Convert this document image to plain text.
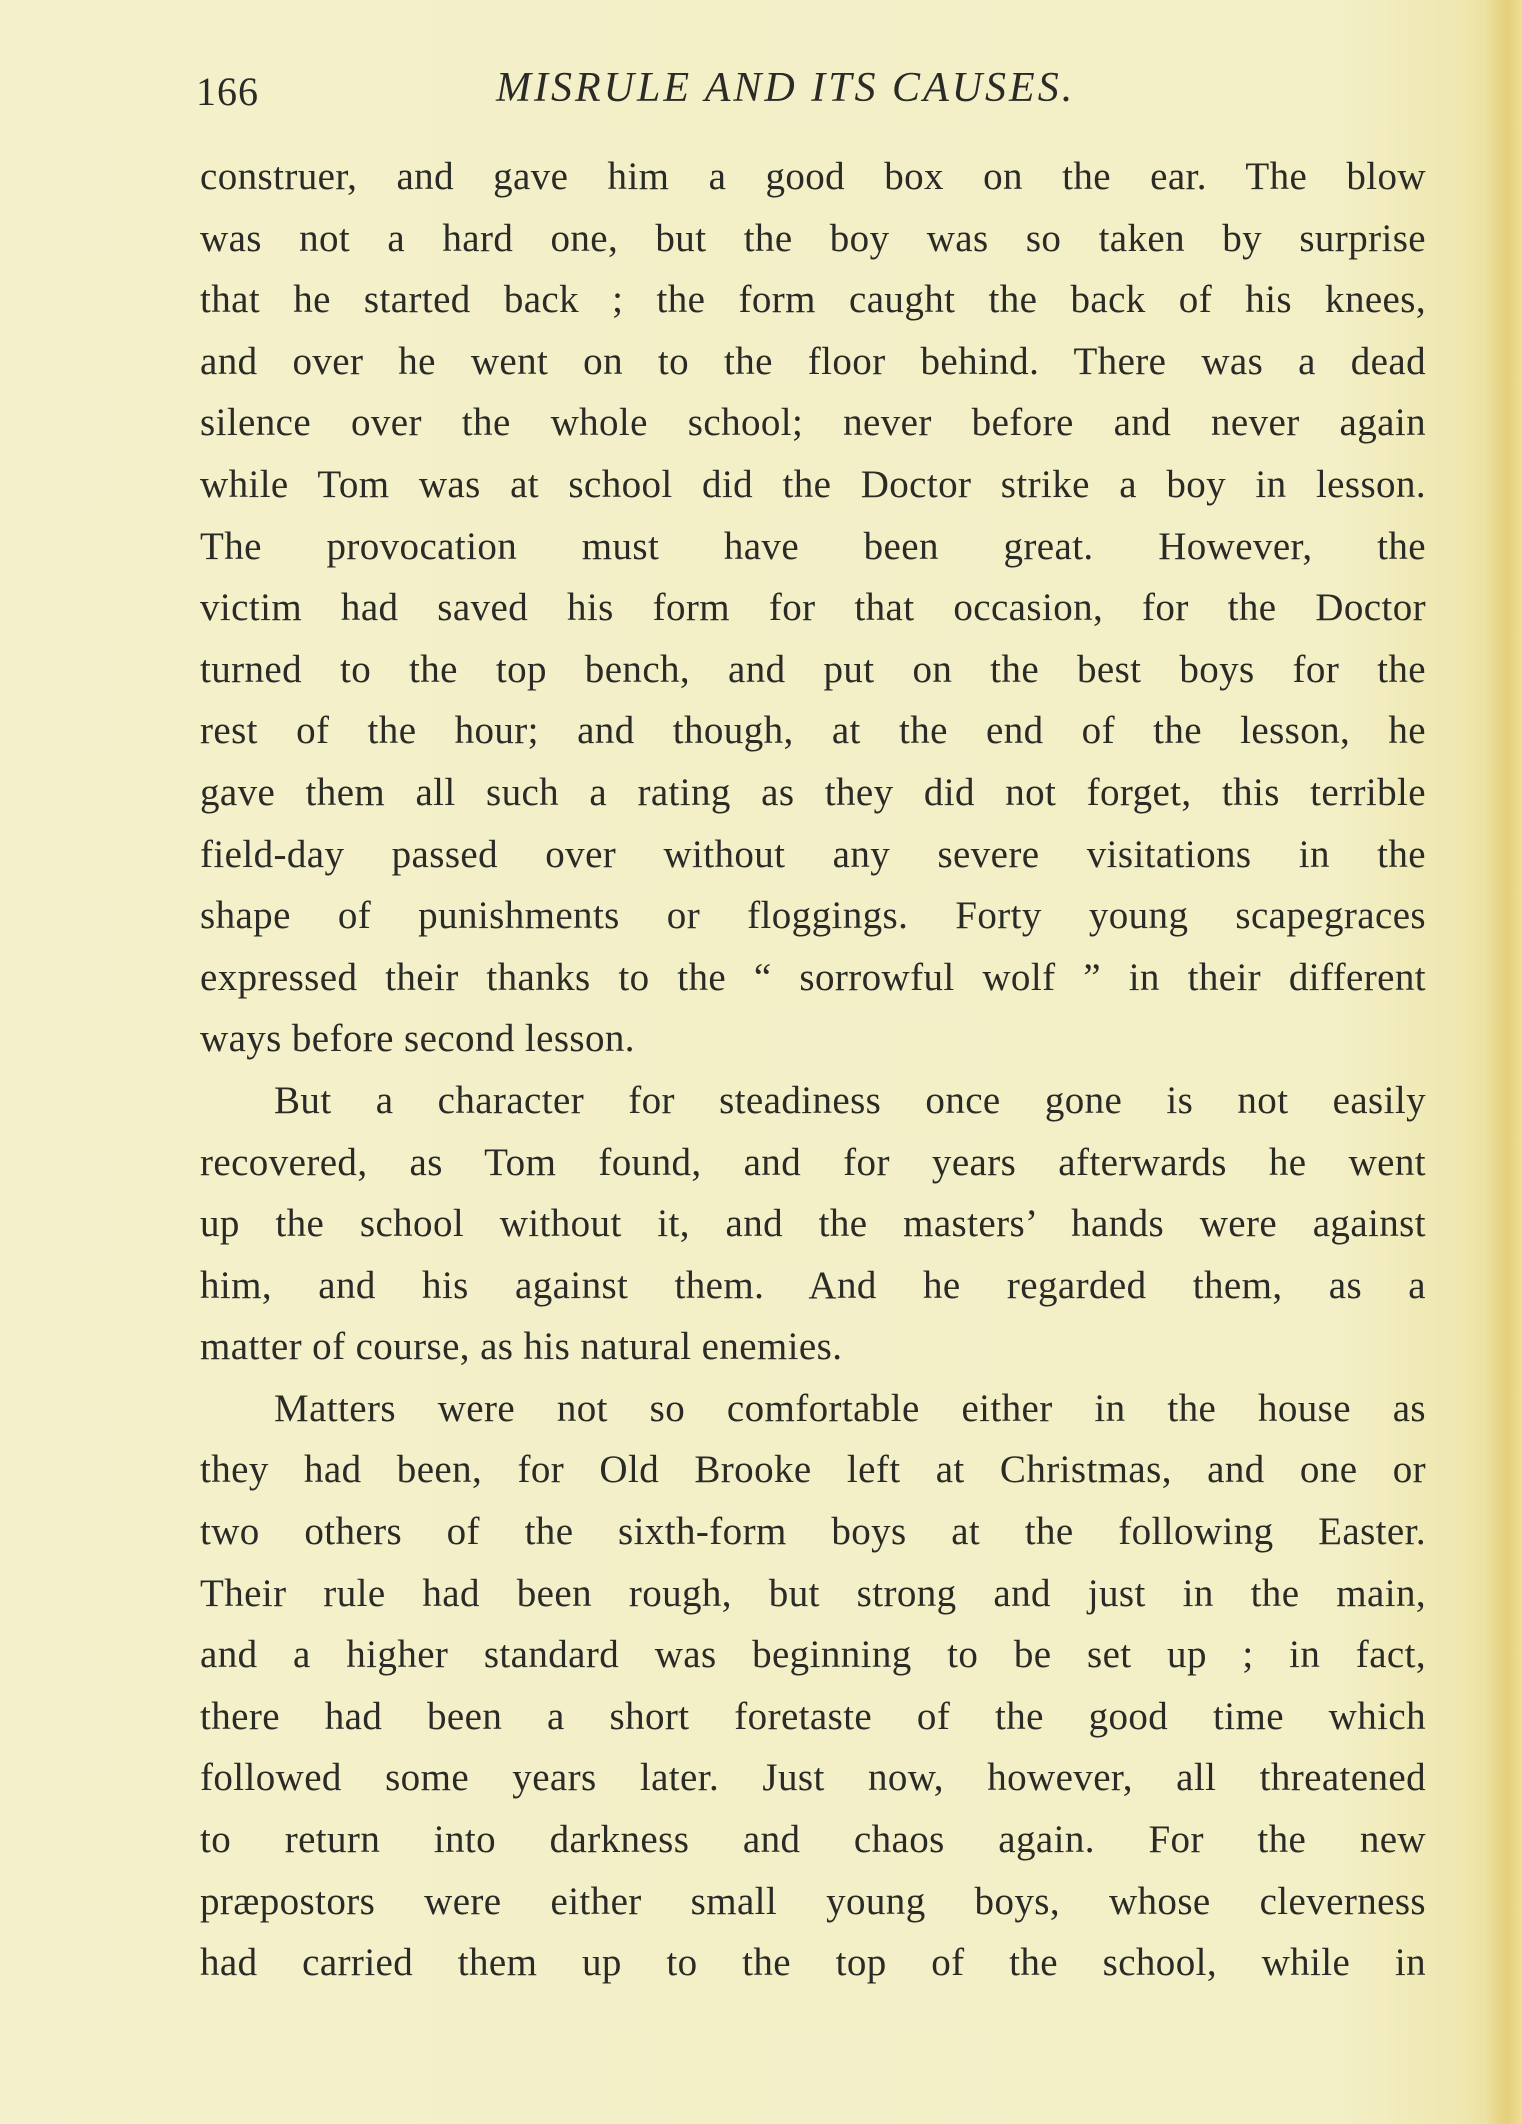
166	MISRULE AND ITS CAUSES.
construer, and gave him a good box on the ear. The blow
was not a hard one, but the boy was so taken by surprise
that he started back ; the form caught the back of his knees,
and over he went on to the floor behind. There was a dead
silence over the whole school; never before and never again
while Tom was at school did the Doctor strike a boy in lesson.
The provocation must have been great. However, the
victim had saved his form for that occasion, for the Doctor
turned to the top bench, and put on the best boys for the
rest of the hour; and though, at the end of the lesson, he
gave them all such a rating as they did not forget, this terrible
field-day passed over without any severe visitations in the
shape of punishments or floggings. Forty young scapegraces
expressed their thanks to the “ sorrowful wolf ” in their different
ways before second lesson.
But a character for steadiness once gone is not easily
recovered, as Tom found, and for years afterwards he went
up the school without it, and the masters’ hands were against
him, and his against them. And he regarded them, as a
matter of course, as his natural enemies.
Matters were not so comfortable either in the house as
they had been, for Old Brooke left at Christmas, and one or
two others of the sixth-form boys at the following Easter.
Their rule had been rough, but strong and just in the main,
and a higher standard was beginning to be set up ; in fact,
there had been a short foretaste of the good time which
followed some years later. Just now, however, all threatened
to return into darkness and chaos again. For the new
præpostors were either small young boys, whose cleverness
had carried them up to the top of the school, while in
